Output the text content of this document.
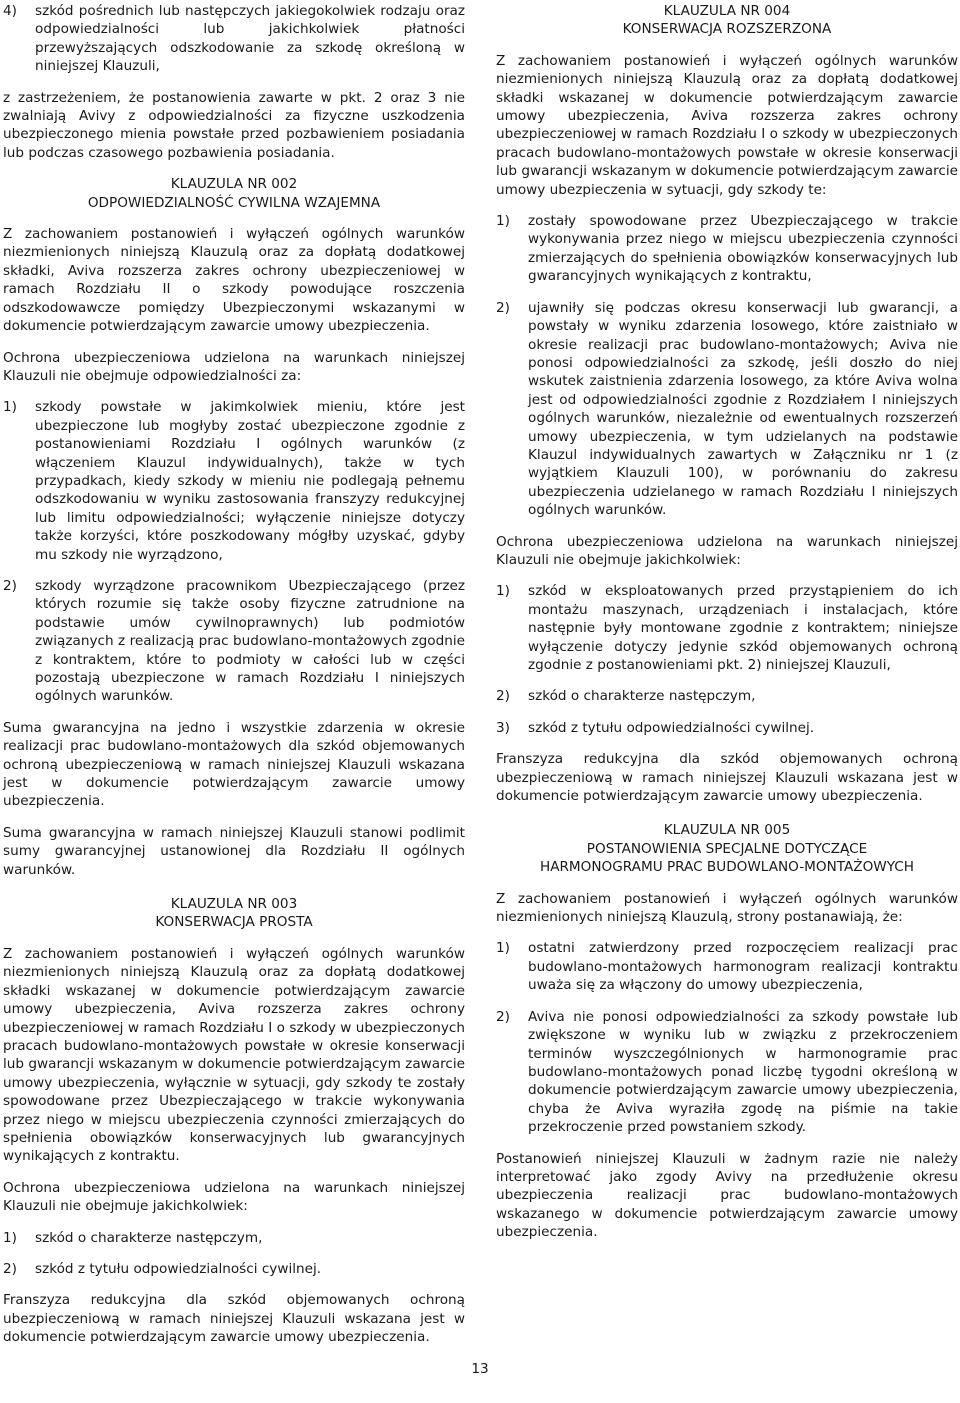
4)	szkód pośrednich lub następczych jakiegokolwiek rodzaju oraz odpowiedzialności lub jakichkolwiek płatności przewyższających odszkodowanie za szkodę określoną w niniejszej Klauzuli,

z zastrzeżeniem, że postanowienia zawarte w pkt. 2 oraz 3 nie zwalniają Avivy z odpowiedzialności za fizyczne uszkodzenia ubezpieczonego mienia powstałe przed pozbawieniem posiadania lub podczas czasowego pozbawienia posiadania.

KLAUZULA NR 002
ODPOWIEDZIALNOŚĆ CYWILNA WZAJEMNA

Z zachowaniem postanowień i wyłączeń ogólnych warunków niezmienionych niniejszą Klauzulą oraz za dopłatą dodatkowej składki, Aviva rozszerza zakres ochrony ubezpieczeniowej w ramach Rozdziału II o szkody powodujące roszczenia odszkodowawcze pomiędzy Ubezpieczonymi wskazanymi w dokumencie potwierdzającym zawarcie umowy ubezpieczenia.

Ochrona ubezpieczeniowa udzielona na warunkach niniejszej Klauzuli nie obejmuje odpowiedzialności za:

1)	szkody powstałe w jakimkolwiek mieniu, które jest ubezpieczone lub mogłyby zostać ubezpieczone zgodnie z postanowieniami Rozdziału I ogólnych warunków (z włączeniem Klauzul indywidualnych), także w tych przypadkach, kiedy szkody w mieniu nie podlegają pełnemu odszkodowaniu w wyniku zastosowania franszyzy redukcyjnej lub limitu odpowiedzialności; wyłączenie niniejsze dotyczy także korzyści, które poszkodowany mógłby uzyskać, gdyby mu szkody nie wyrządzono,
2)	szkody wyrządzone pracownikom Ubezpieczającego (przez których rozumie się także osoby fizyczne zatrudnione na podstawie umów cywilnoprawnych) lub podmiotów związanych z realizacją prac budowlano-montażowych zgodnie z kontraktem, które to podmioty w całości lub w części pozostają ubezpieczone w ramach Rozdziału I niniejszych ogólnych warunków.

Suma gwarancyjna na jedno i wszystkie zdarzenia w okresie realizacji prac budowlano-montażowych dla szkód objemowanych ochroną ubezpieczeniową w ramach niniejszej Klauzuli wskazana jest w dokumencie potwierdzającym zawarcie umowy ubezpieczenia.

Suma gwarancyjna w ramach niniejszej Klauzuli stanowi podlimit sumy gwarancyjnej ustanowionej dla Rozdziału II ogólnych warunków.

KLAUZULA NR 003
KONSERWACJA PROSTA

Z zachowaniem postanowień i wyłączeń ogólnych warunków niezmienionych niniejszą Klauzulą oraz za dopłatą dodatkowej składki wskazanej w dokumencie potwierdzającym zawarcie umowy ubezpieczenia, Aviva rozszerza zakres ochrony ubezpieczeniowej w ramach Rozdziału I o szkody w ubezpieczonych pracach budowlano-montażowych powstałe w okresie konserwacji lub gwarancji wskazanym w dokumencie potwierdzającym zawarcie umowy ubezpieczenia, wyłącznie w sytuacji, gdy szkody te zostały spowodowane przez Ubezpieczającego w trakcie wykonywania przez niego w miejscu ubezpieczenia czynności zmierzających do spełnienia obowiązków konserwacyjnych lub gwarancyjnych wynikających z kontraktu.

Ochrona ubezpieczeniowa udzielona na warunkach niniejszej Klauzuli nie obejmuje jakichkolwiek:

1)	szkód o charakterze następczym,
2)	szkód z tytułu odpowiedzialności cywilnej.

Franszyza redukcyjna dla szkód objemowanych ochroną ubezpieczeniową w ramach niniejszej Klauzuli wskazana jest w dokumencie potwierdzającym zawarcie umowy ubezpieczenia.

KLAUZULA NR 004
KONSERWACJA ROZSZERZONA

Z zachowaniem postanowień i wyłączeń ogólnych warunków niezmienionych niniejszą Klauzulą oraz za dopłatą dodatkowej składki wskazanej w dokumencie potwierdzającym zawarcie umowy ubezpieczenia, Aviva rozszerza zakres ochrony ubezpieczeniowej w ramach Rozdziału I o szkody w ubezpieczonych pracach budowlano-montażowych powstałe w okresie konserwacji lub gwarancji wskazanym w dokumencie potwierdzającym zawarcie umowy ubezpieczenia w sytuacji, gdy szkody te:

1)	zostały spowodowane przez Ubezpieczającego w trakcie wykonywania przez niego w miejscu ubezpieczenia czynności zmierzających do spełnienia obowiązków konserwacyjnych lub gwarancyjnych wynikających z kontraktu,
2)	ujawniły się podczas okresu konserwacji lub gwarancji, a powstały w wyniku zdarzenia losowego, które zaistniało w okresie realizacji prac budowlano-montażowych; Aviva nie ponosi odpowiedzialności za szkodę, jeśli doszło do niej wskutek zaistnienia zdarzenia losowego, za które Aviva wolna jest od odpowiedzialności zgodnie z Rozdziałem I niniejszych ogólnych warunków, niezależnie od ewentualnych rozszerzeń umowy ubezpieczenia, w tym udzielanych na podstawie Klauzul indywidualnych zawartych w Załączniku nr 1 (z wyjątkiem Klauzuli 100), w porównaniu do zakresu ubezpieczenia udzielanego w ramach Rozdziału I niniejszych ogólnych warunków.

Ochrona ubezpieczeniowa udzielona na warunkach niniejszej Klauzuli nie obejmuje jakichkolwiek:

1)	szkód w eksploatowanych przed przystąpieniem do ich montażu maszynach, urządzeniach i instalacjach, które następnie były montowane zgodnie z kontraktem; niniejsze wyłączenie dotyczy jedynie szkód objemowanych ochroną zgodnie z postanowieniami pkt. 2) niniejszej Klauzuli,
2)	szkód o charakterze następczym,
3)	szkód z tytułu odpowiedzialności cywilnej.

Franszyza redukcyjna dla szkód objemowanych ochroną ubezpieczeniową w ramach niniejszej Klauzuli wskazana jest w dokumencie potwierdzającym zawarcie umowy ubezpieczenia.

KLAUZULA NR 005
POSTANOWIENIA SPECJALNE DOTYCZĄCE
HARMONOGRAMU PRAC BUDOWLANO-MONTAŻOWYCH

Z zachowaniem postanowień i wyłączeń ogólnych warunków niezmienionych niniejszą Klauzulą, strony postanawiają, że:

1)	ostatni zatwierdzony przed rozpoczęciem realizacji prac budowlano-montażowych harmonogram realizacji kontraktu uważa się za włączony do umowy ubezpieczenia,
2)	Aviva nie ponosi odpowiedzialności za szkody powstałe lub zwiększone w wyniku lub w związku z przekroczeniem terminów wyszczególnionych w harmonogramie prac budowlano-montażowych ponad liczbę tygodni określoną w dokumencie potwierdzającym zawarcie umowy ubezpieczenia, chyba że Aviva wyraziła zgodę na piśmie na takie przekroczenie przed powstaniem szkody.

Postanowień niniejszej Klauzuli w żadnym razie nie należy interpretować jako zgody Avivy na przedłużenie okresu ubezpieczenia realizacji prac budowlano-montażowych wskazanego w dokumencie potwierdzającym zawarcie umowy ubezpieczenia.

13
